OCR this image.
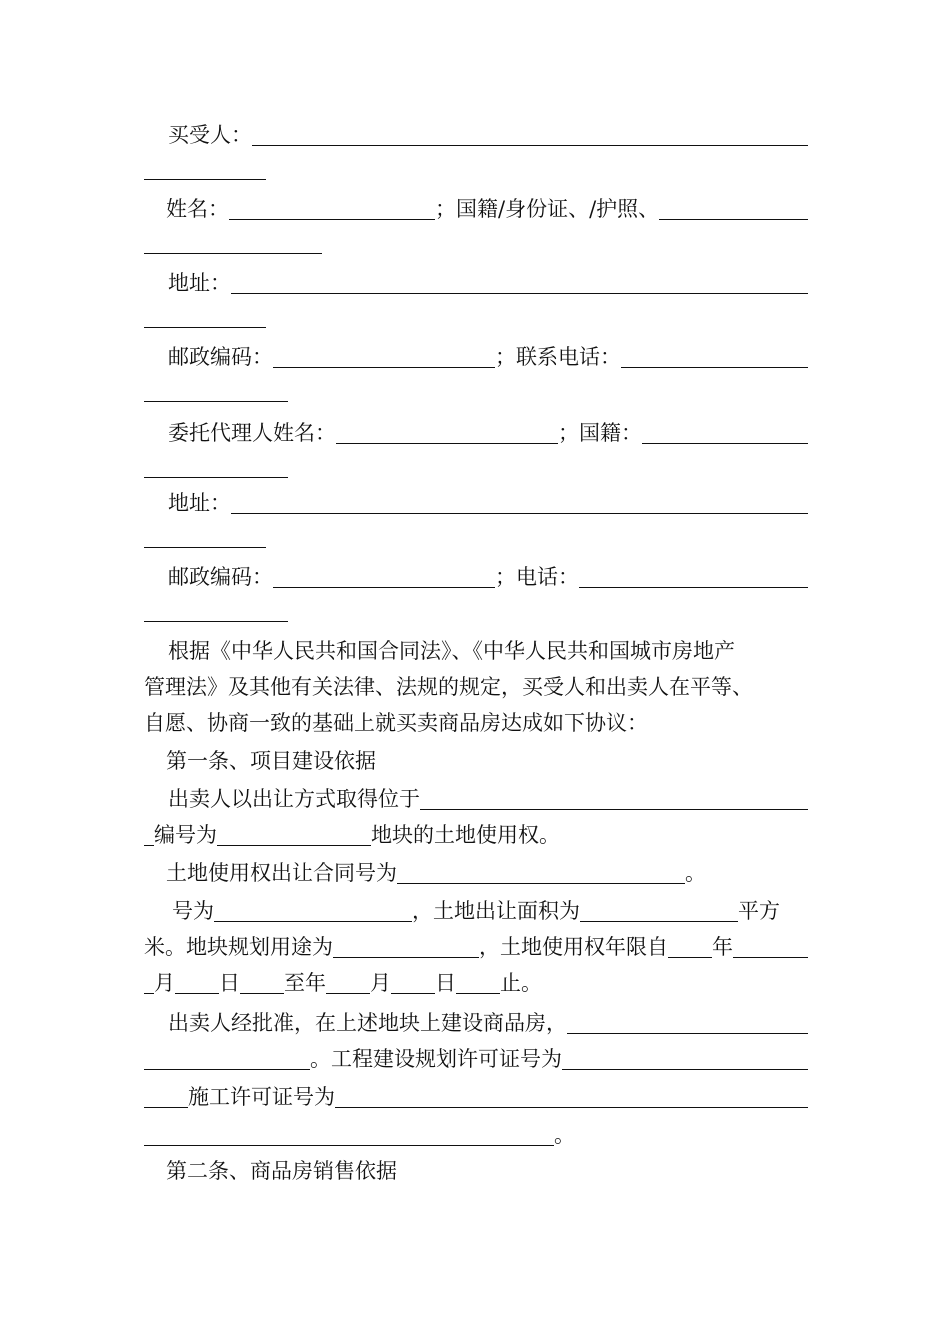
买受人：
姓名：	；国籍/身份证、/护照、
地址：
邮政编码：	；联系电话：
委托代理人姓名：	；国籍：
地址：
邮政编码：	；电话：
根据《中华人民共和国合同法》、《中华人民共和国城市房地产
管理法》及其他有关法律、法规的规定，买受人和出卖人在平等、
自愿、协商一致的基础上就买卖商品房达成如下协议：
第一条、项目建设依据
出卖人以出让方式取得位于
编号为	地块的土地使用权。
土地使用权出让合同号为	。
号为	，土地出让面积为	平方
米。地块规划用途为	，土地使用权年限自 年
月 日 至年 月 日 止。
出卖人经批准，在上述地块上建设商品房，
。工程建设规划许可证号为
施工许可证号为
。
第二条、商品房销售依据
